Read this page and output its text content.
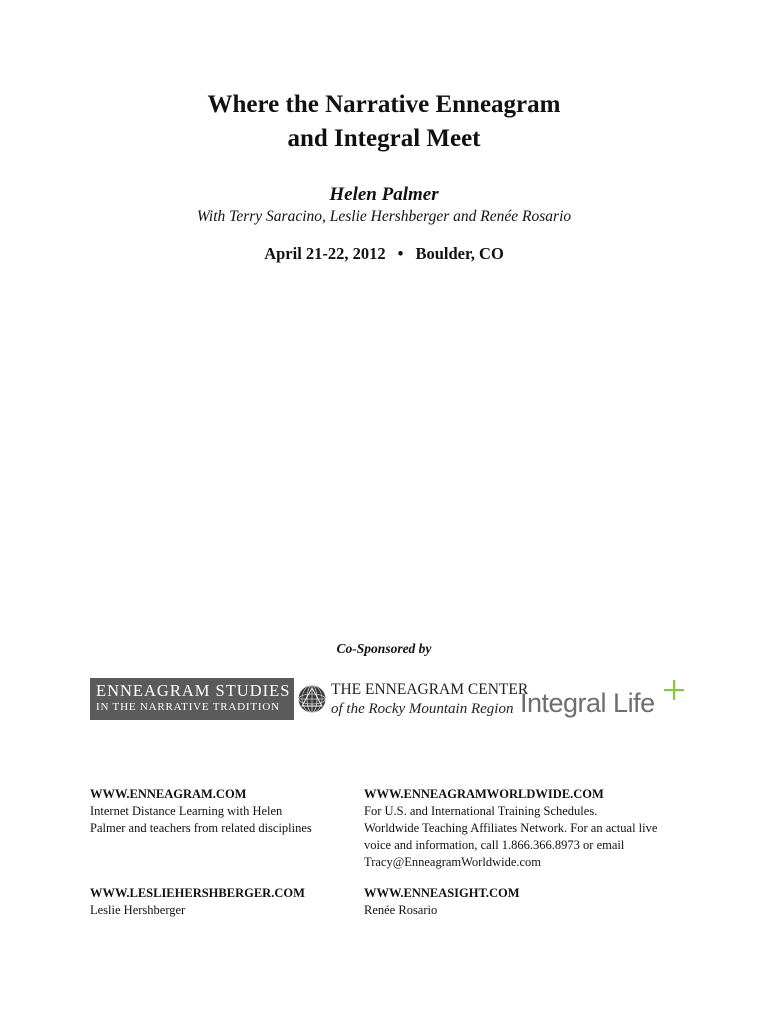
Where the Narrative Enneagram
and Integral Meet
Helen Palmer
With Terry Saracino, Leslie Hershberger and Renée Rosario
April 21-22, 2012 • Boulder, CO
Co-Sponsored by
ENNEAGRAM STUDIES
IN THE NARRATIVE TRADITION
THE ENNEAGRAM CENTER
of the Rocky Mountain Region Integral Life
WWW.ENNEAGRAM.COM
Internet Distance Learning with Helen
Palmer and teachers from related disciplines
WWW.ENNEAGRAMWORLDWIDE.COM
For U.S. and International Training Schedules.
Worldwide Teaching Affiliates Network. For an actual live
voice and information, call 1.866.366.8973 or email
Tracy@EnneagramWorldwide.com
WWW.LESLIEHERSHBERGER.COM
Leslie Hershberger
WWW.ENNEASIGHT.COM
Renée Rosario
